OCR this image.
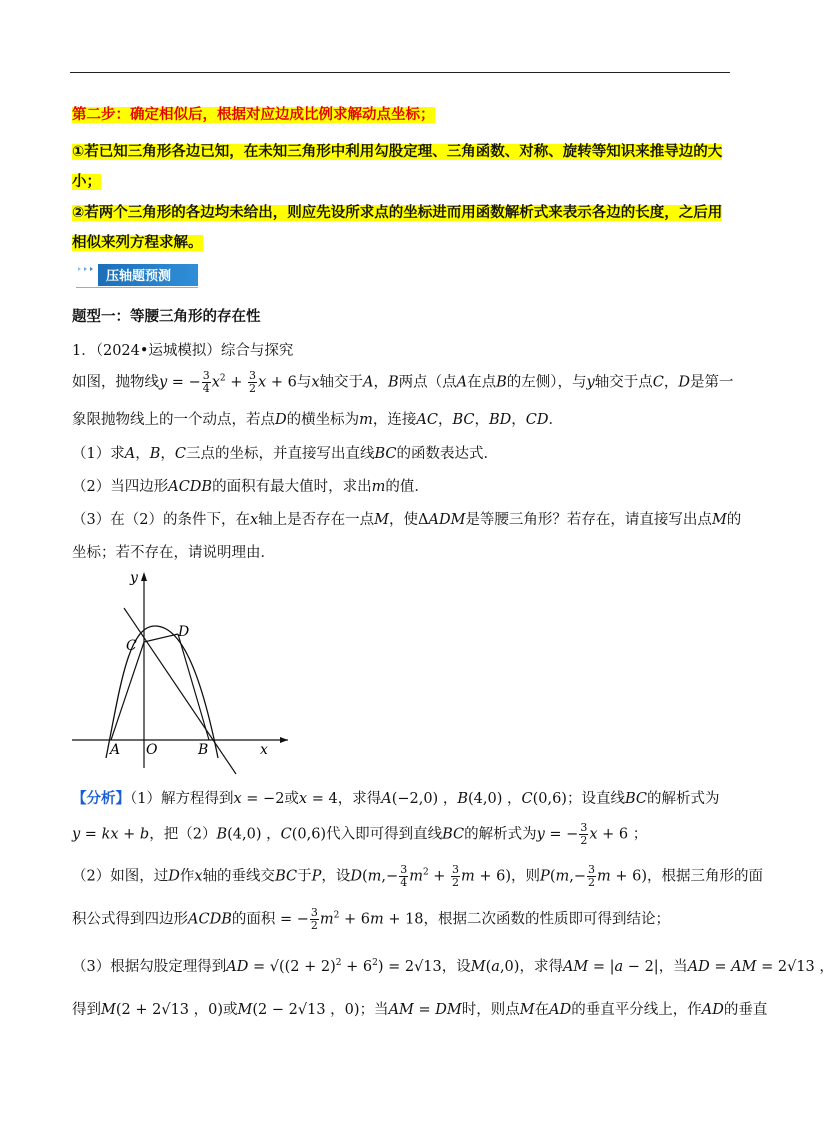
第二步：确定相似后，根据对应边成比例求解动点坐标；
①若已知三角形各边已知，在未知三角形中利用勾股定理、三角函数、对称、旋转等知识来推导边的大小；
②若两个三角形的各边均未给出，则应先设所求点的坐标进而用函数解析式来表示各边的长度，之后用相似来列方程求解。
压轴题预测
题型一：等腰三角形的存在性
1．（2024•运城模拟）综合与探究
如图，抛物线y = − $\frac{3}{4} x^2 + \frac{3}{2}$ x + 6与x轴交于A，B两点（点A在点B的左侧），与y轴交于点C，D是第一
象限抛物线上的一个动点，若点D的横坐标为m，连接AC，BC，BD，CD．
（1）求A，B，C三点的坐标，并直接写出直线BC的函数表达式．
（2）当四边形ACDB的面积有最大值时，求出m的值．
（3）在（2）的条件下，在x轴上是否存在一点M，使ΔADM是等腰三角形？若存在，请直接写出点M的
坐标；若不存在，请说明理由．
y
x
C
D
A O	B
【分析】（1）解方程得到x = −2或x = 4，求得A(−2,0) ，B(4,0) ，C(0,6)；设直线BC的解析式为
y = kx + b，把（2）B(4,0) ，C(0,6)代入即可得到直线BC的解析式为y = − $\frac{3}{2}$ x + 6 ；
（2）如图，过D作x轴的垂线交BC于P，设$D(m,- \frac{3}{4} m^2 + \frac{3}{2}$ m + 6)，则$P(m,- \frac{3}{2}$ m + 6)，根据三角形的面
积公式得到四边形ACDB的面积 = − $\frac{3}{2} m^2 + 6m + 18$，根据二次函数的性质即可得到结论；
（3）根据勾股定理得到AD = $√((2 + 2)^2 + 6^2) = 2√13$，设M(a,0)，求得AM = |a − 2|，当AD = AM = 2√13 ，
得到M(2 + 2√13 ，0)或M(2 − 2√13 ，0)；当AM = DM时，则点M在AD的垂直平分线上，作AD的垂直
